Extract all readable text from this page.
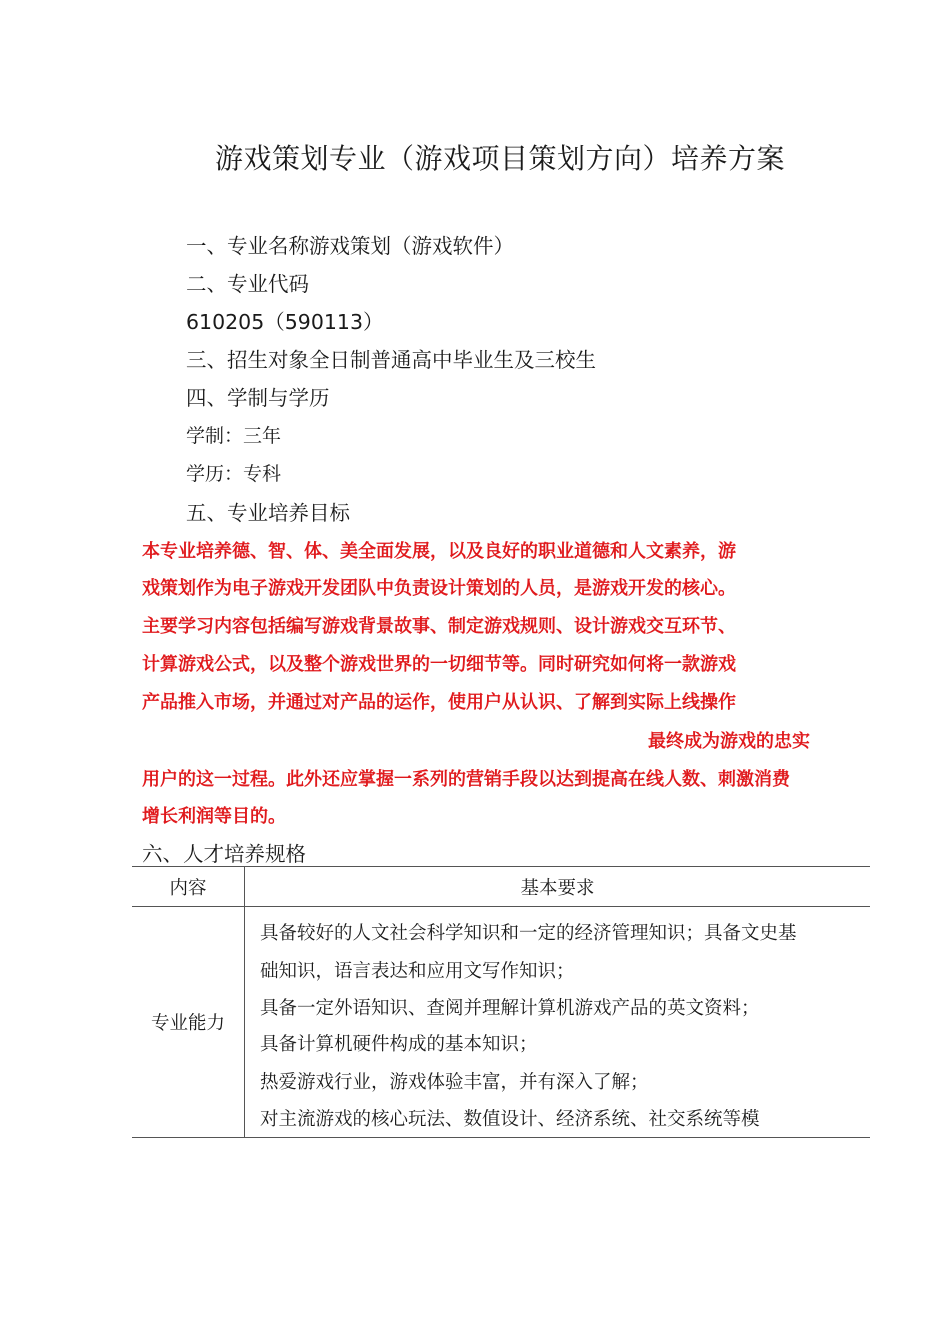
游戏策划专业（游戏项目策划方向）培养方案
一、专业名称游戏策划（游戏软件）
二、专业代码
610205（590113）
三、招生对象全日制普通高中毕业生及三校生
四、学制与学历
学制：三年
学历：专科
五、专业培养目标
本专业培养德、智、体、美全面发展，以及良好的职业道德和人文素养，游
戏策划作为电子游戏开发团队中负责设计策划的人员，是游戏开发的核心。
主要学习内容包括编写游戏背景故事、制定游戏规则、设计游戏交互环节、
计算游戏公式，以及整个游戏世界的一切细节等。同时研究如何将一款游戏
产品推入市场，并通过对产品的运作，使用户从认识、了解到实际上线操作
最终成为游戏的忠实
用户的这一过程。此外还应掌握一系列的营销手段以达到提高在线人数、刺激消费
增长利润等目的。
六、人才培养规格
内容	基本要求
专业能力
具备较好的人文社会科学知识和一定的经济管理知识；具备文史基
础知识，语言表达和应用文写作知识；
具备一定外语知识、查阅并理解计算机游戏产品的英文资料；
具备计算机硬件构成的基本知识；
热爱游戏行业，游戏体验丰富，并有深入了解；
对主流游戏的核心玩法、数值设计、经济系统、社交系统等模
